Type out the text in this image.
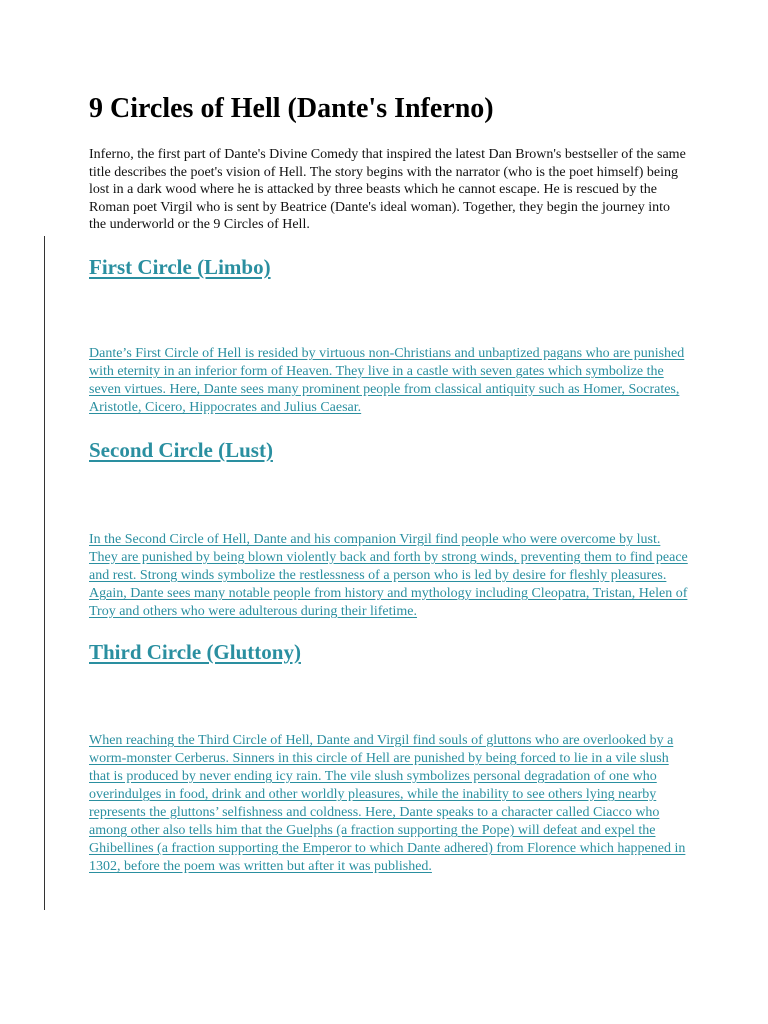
9 Circles of Hell (Dante's Inferno)

Inferno, the first part of Dante's Divine Comedy that inspired the latest Dan Brown's bestseller of the same title describes the poet's vision of Hell. The story begins with the narrator (who is the poet himself) being lost in a dark wood where he is attacked by three beasts which he cannot escape. He is rescued by the Roman poet Virgil who is sent by Beatrice (Dante's ideal woman). Together, they begin the journey into the underworld or the 9 Circles of Hell.

First Circle (Limbo)
Dante’s First Circle of Hell is resided by virtuous non-Christians and unbaptized pagans who are punished with eternity in an inferior form of Heaven. They live in a castle with seven gates which symbolize the seven virtues. Here, Dante sees many prominent people from classical antiquity such as Homer, Socrates, Aristotle, Cicero, Hippocrates and Julius Caesar.
Second Circle (Lust)
In the Second Circle of Hell, Dante and his companion Virgil find people who were overcome by lust. They are punished by being blown violently back and forth by strong winds, preventing them to find peace and rest. Strong winds symbolize the restlessness of a person who is led by desire for fleshly pleasures. Again, Dante sees many notable people from history and mythology including Cleopatra, Tristan, Helen of Troy and others who were adulterous during their lifetime.
Third Circle (Gluttony)
When reaching the Third Circle of Hell, Dante and Virgil find souls of gluttons who are overlooked by a worm-monster Cerberus. Sinners in this circle of Hell are punished by being forced to lie in a vile slush that is produced by never ending icy rain. The vile slush symbolizes personal degradation of one who overindulges in food, drink and other worldly pleasures, while the inability to see others lying nearby represents the gluttons’ selfishness and coldness. Here, Dante speaks to a character called Ciacco who among other also tells him that the Guelphs (a fraction supporting the Pope) will defeat and expel the Ghibellines (a fraction supporting the Emperor to which Dante adhered) from Florence which happened in 1302, before the poem was written but after it was published.
